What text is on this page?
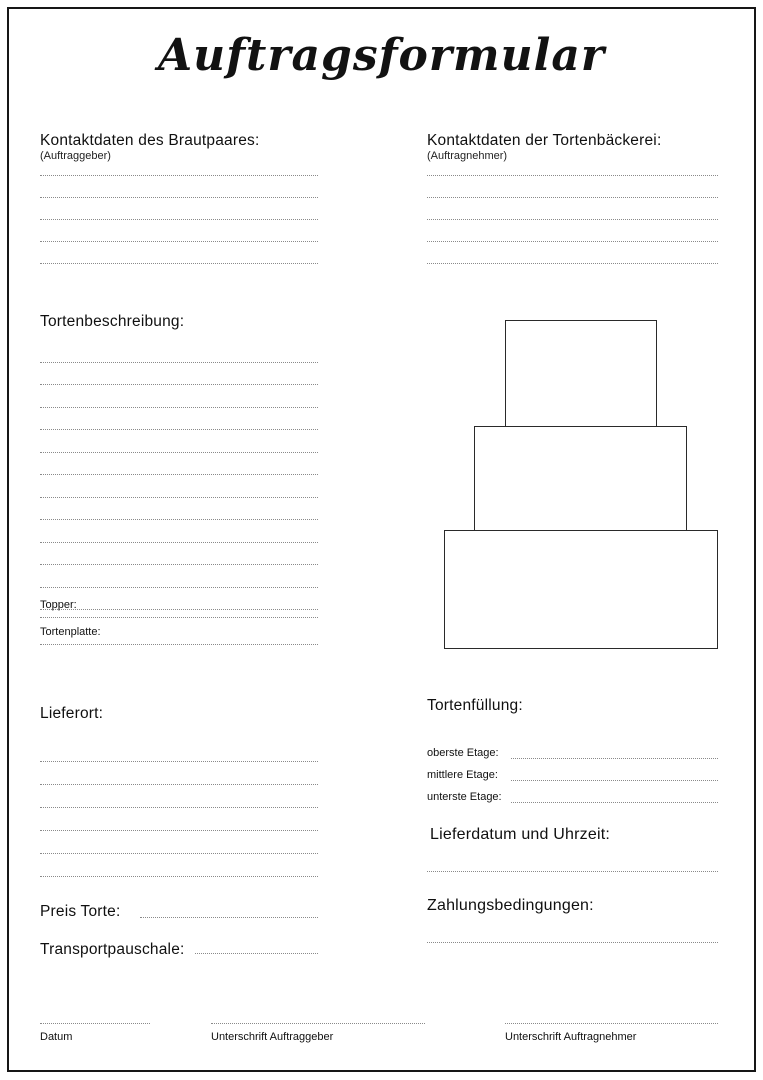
Auftragsformular
Kontaktdaten des Brautpaares:
(Auftraggeber)
Kontaktdaten der Tortenbäckerei:
(Auftragnehmer)
Tortenbeschreibung:
Topper:
Tortenplatte:
Lieferort:	Tortenfüllung:
oberste Etage:
mittlere Etage:
unterste Etage:
Lieferdatum und Uhrzeit:
Preis Torte:
Transportpauschale:
Zahlungsbedingungen:
Datum	Unterschrift Auftraggeber	Unterschrift Auftragnehmer
